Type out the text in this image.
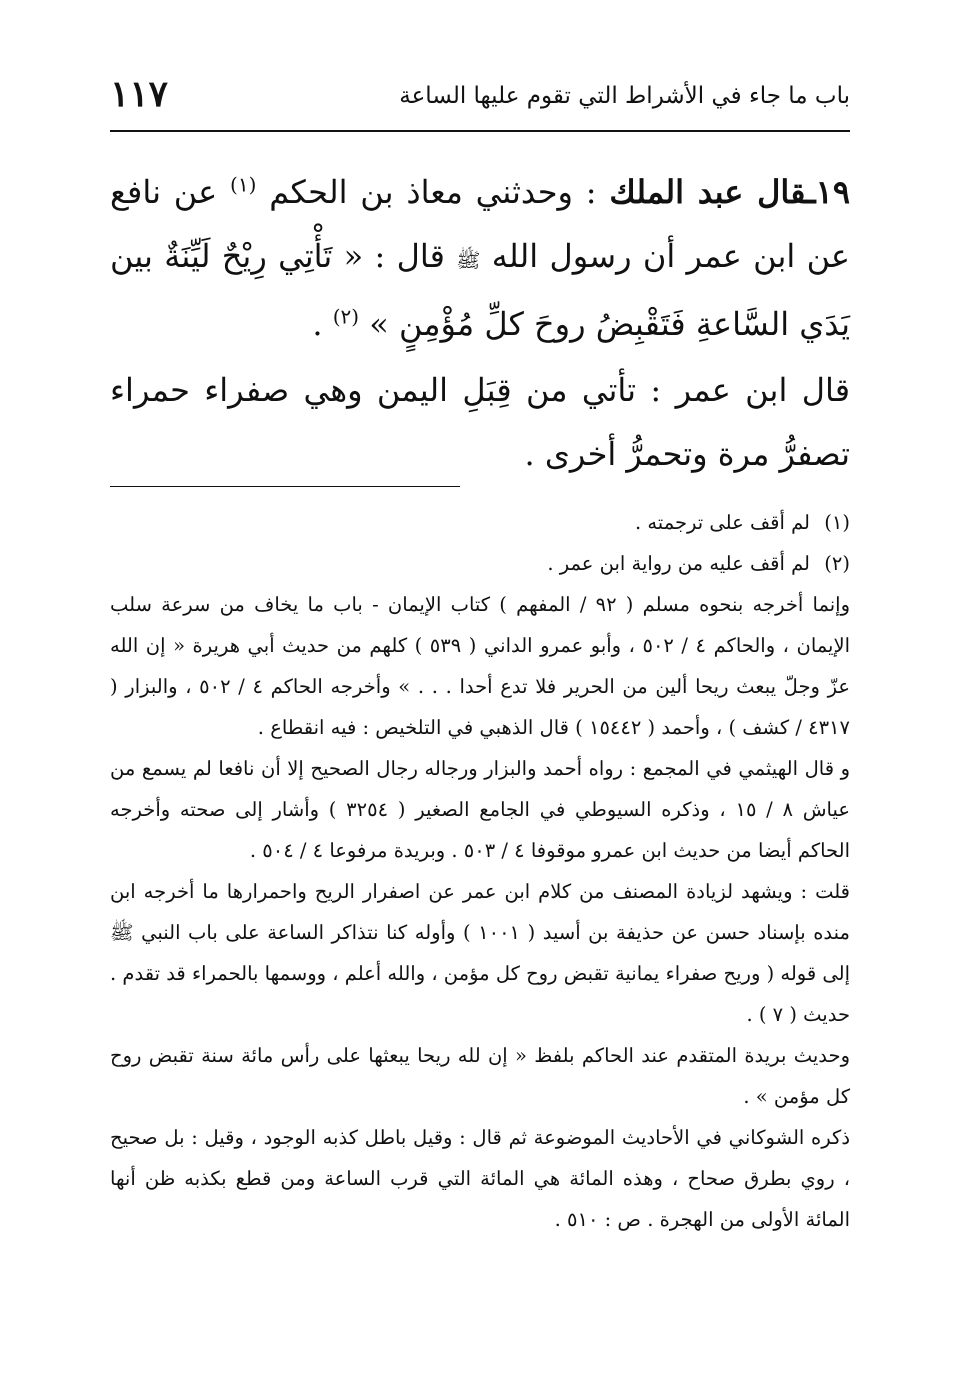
باب ما جاء في الأشراط التي تقوم عليها الساعة
١١٧

١٩ـقال عبد الملك : وحدثني معاذ بن الحكم $^{(١)}$ عن نافع عن ابن عمر أن رسول الله ﷺ قال : « تَأْتِي رِيْحٌ لَيِّنَةٌ بين يَدَي السَّاعةِ فَتَقْبِضُ روحَ كلِّ مُؤْمِنٍ » $^{(٢)}$ .

قال ابن عمر : تأتي من قِبَلِ اليمن وهي صفراء حمراء تصفرُّ مرة وتحمرُّ أخرى .

(١)
لم أقف على ترجمته .
(٢)
لم أقف عليه من رواية ابن عمر .

وإنما أخرجه بنحوه مسلم ( ٩٢ / المفهم ) كتاب الإيمان - باب ما يخاف من سرعة سلب الإيمان ، والحاكم ٤ / ٥٠٢ ، وأبو عمرو الداني ( ٥٣٩ ) كلهم من حديث أبي هريرة « إن الله عزّ وجلّ يبعث ريحا ألين من الحرير فلا تدع أحدا . . . » وأخرجه الحاكم ٤ / ٥٠٢ ، والبزار ( ٤٣١٧ / كشف ) ، وأحمد ( ١٥٤٤٢ ) قال الذهبي في التلخيص : فيه انقطاع .

و قال الهيثمي في المجمع : رواه أحمد والبزار ورجاله رجال الصحيح إلا أن نافعا لم يسمع من عياش ٨ / ١٥ ، وذكره السيوطي في الجامع الصغير ( ٣٢٥٤ ) وأشار إلى صحته وأخرجه الحاكم أيضا من حديث ابن عمرو موقوفا ٤ / ٥٠٣ . وبريدة مرفوعا ٤ / ٥٠٤ .

قلت : ويشهد لزيادة المصنف من كلام ابن عمر عن اصفرار الريح واحمرارها ما أخرجه ابن منده بإسناد حسن عن حذيفة بن أسيد ( ١٠٠١ ) وأوله كنا نتذاكر الساعة على باب النبي ﷺ إلى قوله ( وريح صفراء يمانية تقبض روح كل مؤمن ، والله أعلم ، ووسمها بالحمراء قد تقدم . حديث ( ٧ ) .

وحديث بريدة المتقدم عند الحاكم بلفظ « إن لله ريحا يبعثها على رأس مائة سنة تقبض روح كل مؤمن » .

ذكره الشوكاني في الأحاديث الموضوعة ثم قال : وقيل باطل كذبه الوجود ، وقيل : بل صحيح ، روي بطرق صحاح ، وهذه المائة هي المائة التي قرب الساعة ومن قطع بكذبه ظن أنها المائة الأولى من الهجرة . ص : ٥١٠ .
